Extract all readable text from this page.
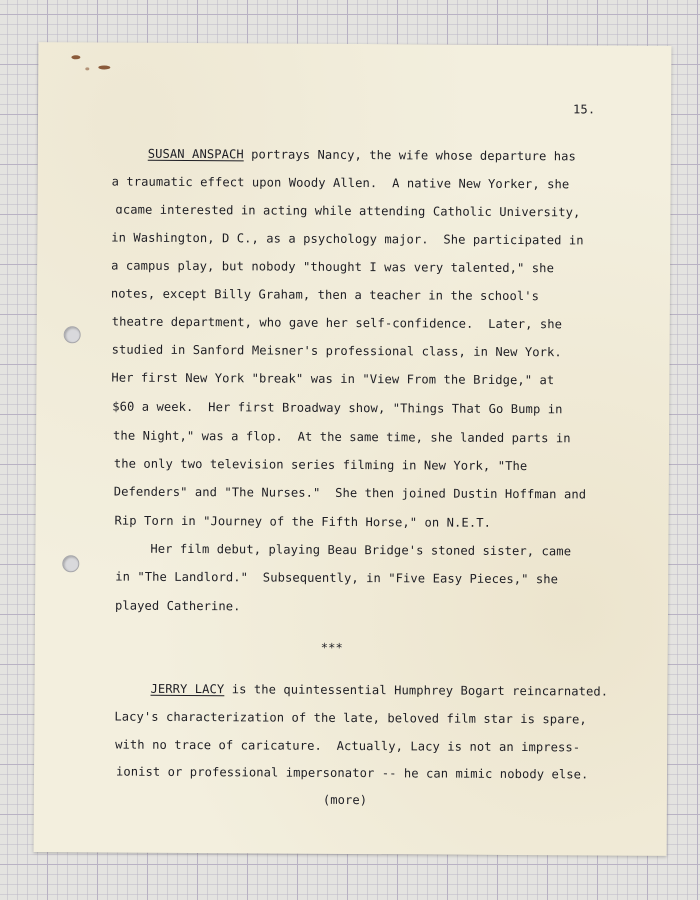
15.

SUSAN ANSPACH portrays Nancy, the wife whose departure has

a traumatic effect upon Woody Allen.  A native New Yorker, she

ɑcame interested in acting while attending Catholic University,

in Washington, D C., as a psychology major.  She participated in

a campus play, but nobody "thought I was very talented," she

notes, except Billy Graham, then a teacher in the school's

theatre department, who gave her self-confidence.  Later, she

studied in Sanford Meisner's professional class, in New York.

Her first New York "break" was in "View From the Bridge," at

$60 a week.  Her first Broadway show, "Things That Go Bump in

the Night," was a flop.  At the same time, she landed parts in

the only two television series filming in New York, "The

Defenders" and "The Nurses."  She then joined Dustin Hoffman and

Rip Torn in "Journey of the Fifth Horse," on N.E.T.

Her film debut, playing Beau Bridge's stoned sister, came

in "The Landlord."  Subsequently, in "Five Easy Pieces," she

played Catherine.

***

JERRY LACY is the quintessential Humphrey Bogart reincarnated.

Lacy's characterization of the late, beloved film star is spare,

with no trace of caricature.  Actually, Lacy is not an impress-

ionist or professional impersonator -- he can mimic nobody else.

(more)
